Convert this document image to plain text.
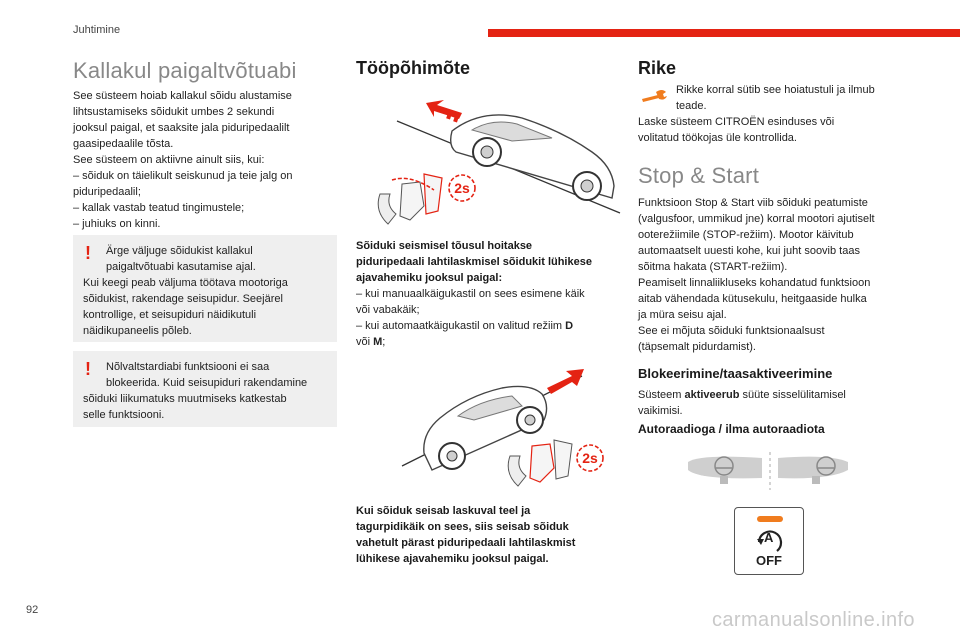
Juhtimine
Kallakul paigaltvõtuabi

See süsteem hoiab kallakul sõidu alustamise

lihtsustamiseks sõidukit umbes 2 sekundi

jooksul paigal, et saaksite jala piduripedaalilt

gaasipedaalile tõsta.

See süsteem on aktiivne ainult siis, kui:

– sõiduk on täielikult seiskunud ja teie jalg on

piduripedaalil;

– kallak vastab teatud tingimustele;

– juhiuks on kinni.

!	Ärge väljuge sõidukist kallakul

paigaltvõtuabi kasutamise ajal.

Kui keegi peab väljuma töötava mootoriga

sõidukist, rakendage seisupidur. Seejärel

kontrollige, et seisupiduri näidikutuli

näidikupaneelis põleb.

!	Nõlvaltstardiabi funktsiooni ei saa

blokeerida. Kuid seisupiduri rakendamine

sõiduki liikumatuks muutmiseks katkestab

selle funktsiooni.

Tööpõhimõte
2s

Sõiduki seismisel tõusul hoitakse

piduripedaali lahtilaskmisel sõidukit lühikese

ajavahemiku jooksul paigal:

– kui manuaalkäigukastil on sees esimene käik

või vabakäik;

– kui automaatkäigukastil on valitud režiim D

või M;

2s

Kui sõiduk seisab laskuval teel ja

tagurpidikäik on sees, siis seisab sõiduk

vahetult pärast piduripedaali lahtilaskmist

lühikese ajavahemiku jooksul paigal.

Rike

Rikke korral sütib see hoiatustuli ja ilmub

teade.

Laske süsteem CITROËN esinduses või

volitatud töökojas üle kontrollida.

Stop & Start

Funktsioon Stop & Start viib sõiduki peatumiste

(valgusfoor, ummikud jne) korral mootori ajutiselt

ooterežiimile (STOP-režiim). Mootor käivitub

automaatselt uuesti kohe, kui juht soovib taas

sõitma hakata (START-režiim).

Peamiselt linnaliikluseks kohandatud funktsioon

aitab vähendada kütusekulu, heitgaaside hulka

ja müra seisu ajal.

See ei mõjuta sõiduki funktsionaalsust

(täpsemalt pidurdamist).

Blokeerimine/taasaktiveerimine

Süsteem aktiveerub süüte sisselülitamisel

vaikimisi.

Autoraadioga / ilma autoraadiota
A
OFF
92	carmanualsonline.info
